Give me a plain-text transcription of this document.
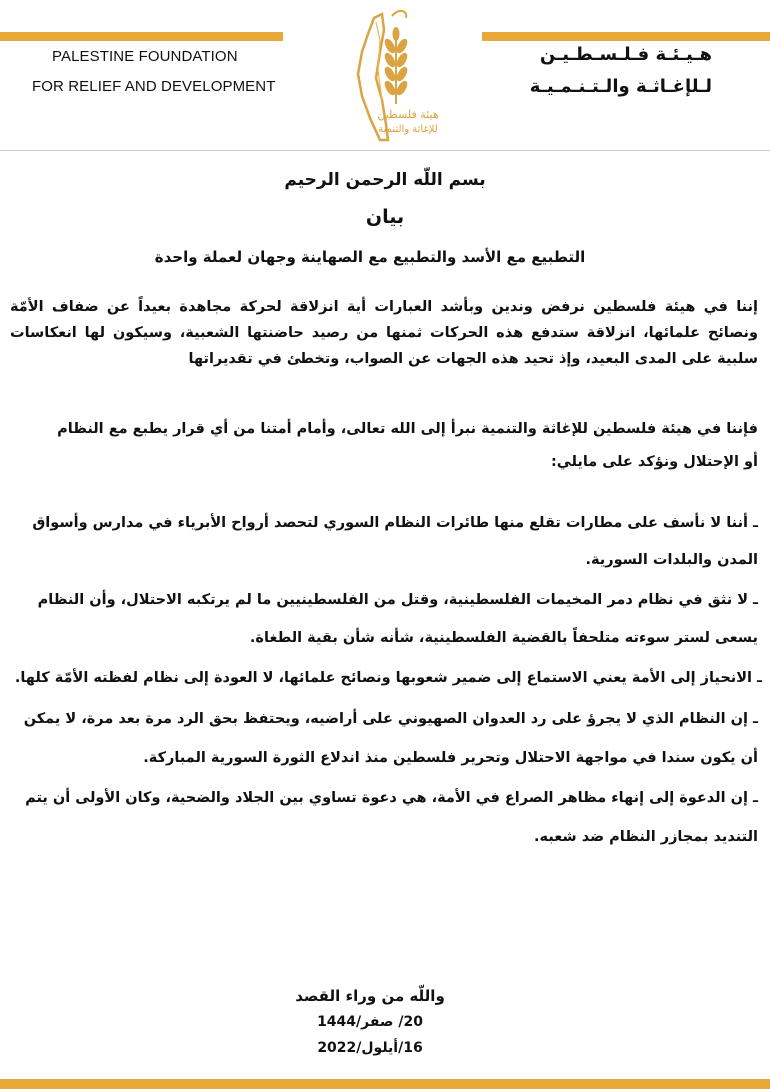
PALESTINE FOUNDATION
FOR RELIEF AND DEVELOPMENT
هـيـئـة فـلـسـطـيـن
لـلإغـاثـة والـتـنـمـيـة
هيئة فلسطين
للإغاثة والتنمية
بسم اللّه الرحمن الرحيم
بيان
التطبيع مع الأسد والتطبيع مع الصهاينة وجهان لعملة واحدة
إننا في هيئة فلسطين نرفض وندين وبأشد العبارات أية انزلاقة لحركة مجاهدة بعيداً عن ضفاف الأمّة
ونصائح علمائها، انزلاقة ستدفع هذه الحركات ثمنها من رصيد حاضنتها الشعبية، وسيكون لها انعكاسات
سلبية على المدى البعيد، وإذ تحيد هذه الجهات عن الصواب، وتخطئ في تقديراتها
فإننا في هيئة فلسطين للإغاثة والتنمية نبرأ إلى الله تعالى، وأمام أمتنا من أي قرار يطبع مع النظام
أو الإحتلال ونؤكد على مايلي:
ـ أننا لا نأسف على مطارات تقلع منها طائرات النظام السوري لتحصد أرواح الأبرياء في مدارس وأسواق
المدن والبلدات السورية.
ـ لا نثق في نظام دمر المخيمات الفلسطينية، وقتل من الفلسطينيين ما لم يرتكبه الاحتلال، وأن النظام
يسعى لستر سوءته متلحفاً بالقضية الفلسطينية، شأنه شأن بقية الطغاة.
ـ الانحياز إلى الأمة يعني الاستماع إلى ضمير شعوبها ونصائح علمائها، لا العودة إلى نظام لفظته الأمّة كلها.
ـ إن النظام الذي لا يجرؤ على رد العدوان الصهيوني على أراضيه، ويحتفظ بحق الرد مرة بعد مرة، لا يمكن
أن يكون سندا في مواجهة الاحتلال وتحرير فلسطين منذ اندلاع الثورة السورية المباركة.
ـ إن الدعوة إلى إنهاء مظاهر الصراع في الأمة، هي دعوة تساوي بين الجلاد والضحية، وكان الأولى أن يتم
التنديد بمجازر النظام ضد شعبه.
واللّه من وراء القصد
20/ صفر/1444
16/أيلول/2022
